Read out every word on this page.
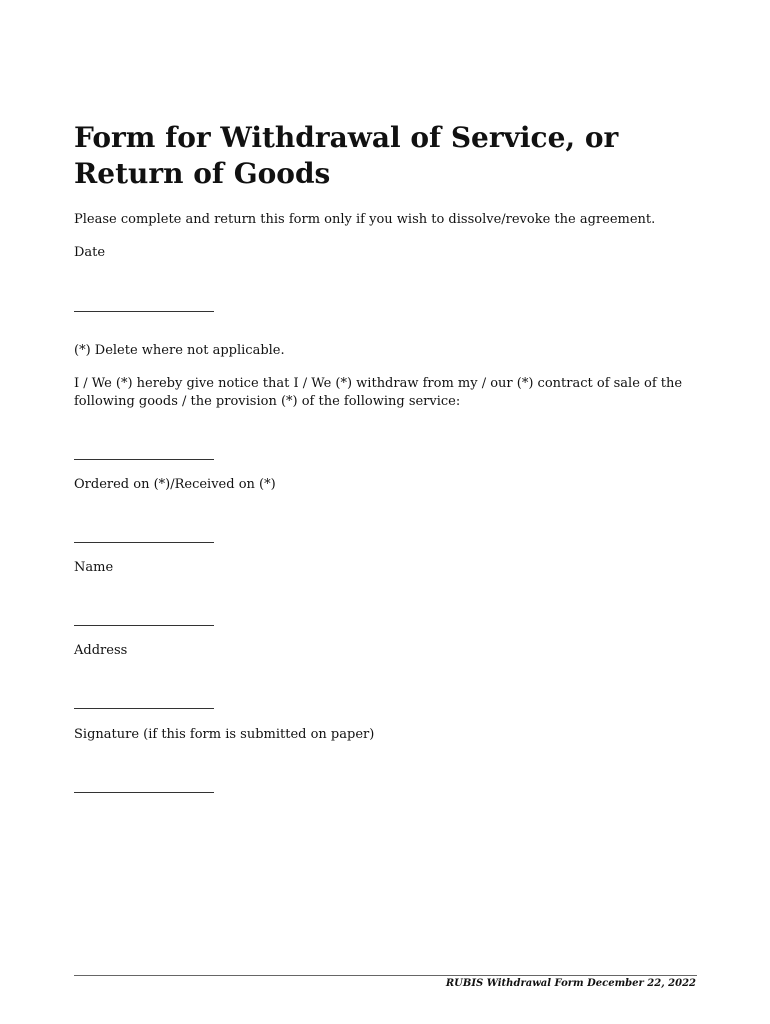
Form for Withdrawal of Service, or Return of Goods

Please complete and return this form only if you wish to dissolve/revoke the agreement.

Date

(*) Delete where not applicable.

I / We (*) hereby give notice that I / We (*) withdraw from my / our (*) contract of sale of the following goods / the provision (*) of the following service:

Ordered on (*)/Received on (*)

Name

Address

Signature (if this form is submitted on paper)

RUBIS Withdrawal Form December 22, 2022
